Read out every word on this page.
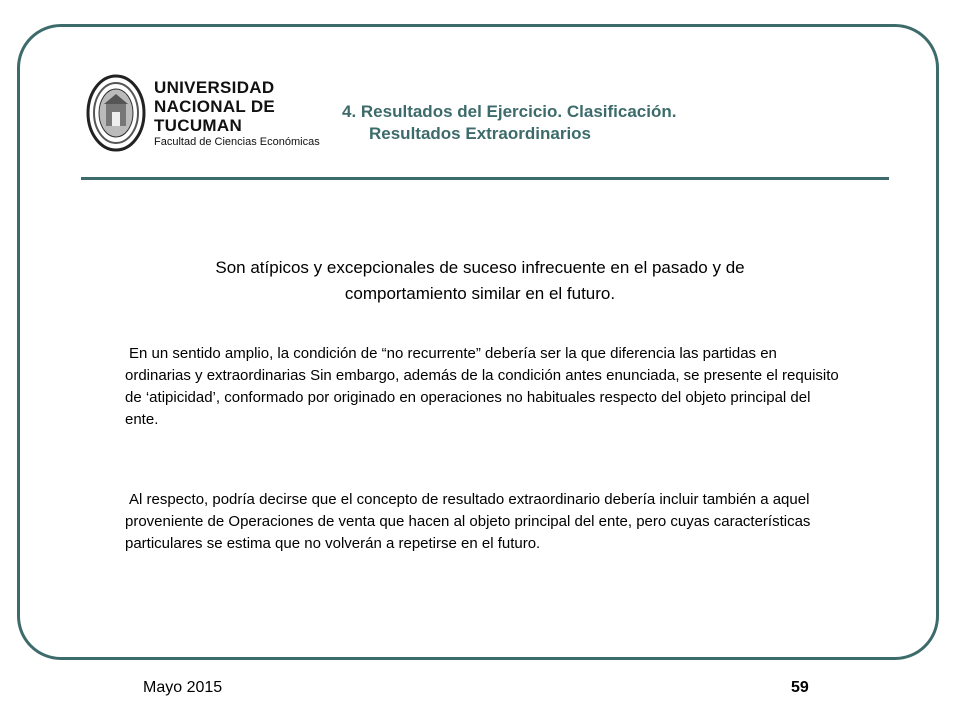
UNIVERSIDAD
NACIONAL DE
TUCUMAN
Facultad de Ciencias Económicas
4. Resultados del Ejercicio. Clasificación.
Resultados Extraordinarios
Son atípicos y excepcionales de suceso infrecuente en el pasado y de comportamiento similar en el futuro.
En un sentido amplio, la condición de “no recurrente” debería ser la que diferencia las partidas en ordinarias y extraordinarias Sin embargo, además de la condición antes enunciada, se presente el requisito de ‘atipicidad’, conformado por originado en operaciones no habituales respecto del objeto principal del ente.
Al respecto, podría decirse que el concepto de resultado extraordinario debería incluir también a aquel proveniente de Operaciones de venta que hacen al objeto principal del ente, pero cuyas características particulares se estima que no volverán a repetirse en el futuro.
Mayo 2015	59
